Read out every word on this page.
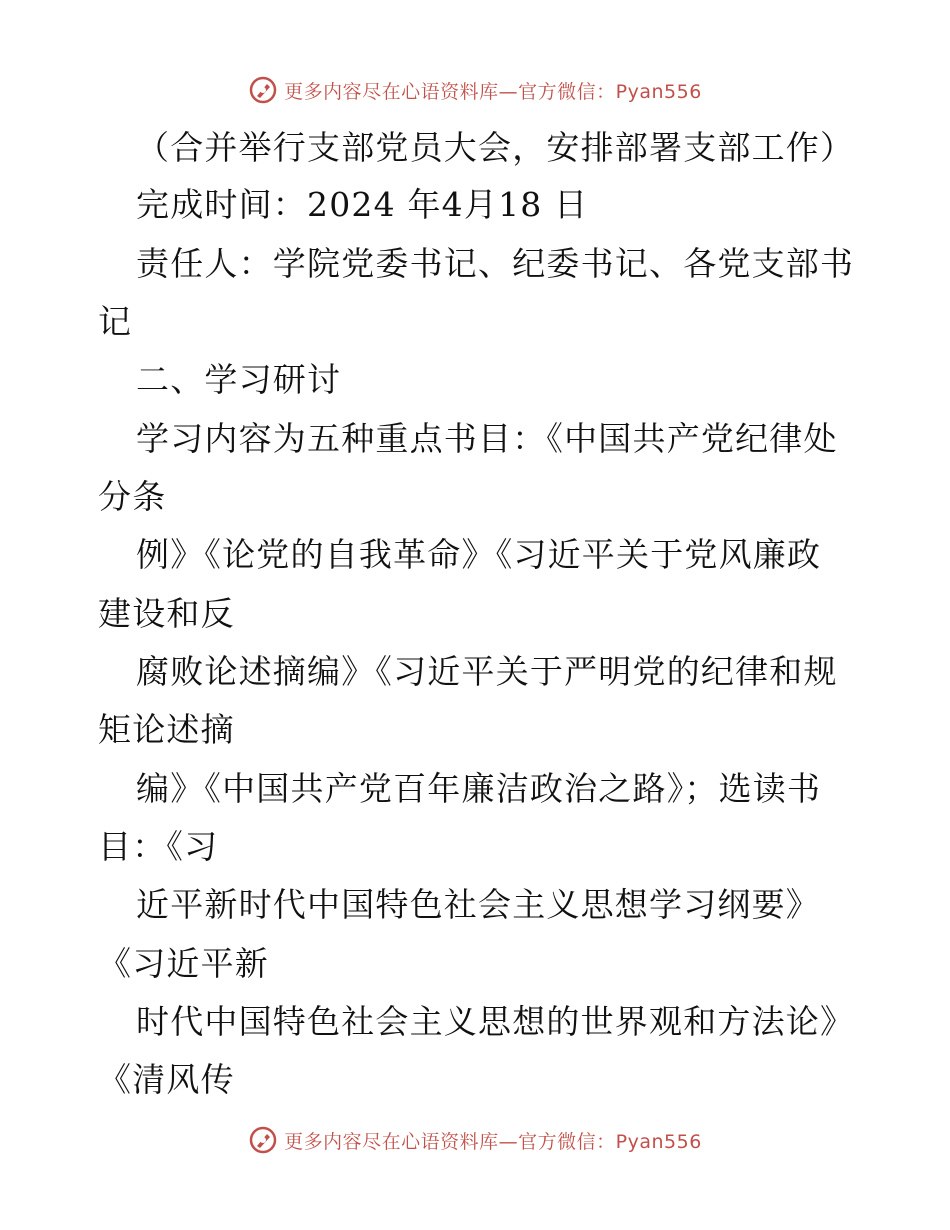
更多内容尽在心语资料库—官方微信：Pyan556
（合并举行支部党员大会，安排部署支部工作）
完成时间：2024 年4月18 日
责任人：学院党委书记、纪委书记、各党支部书
记
二、学习研讨
学习内容为五种重点书目：《中国共产党纪律处
分条
例》《论党的自我革命》《习近平关于党风廉政
建设和反
腐败论述摘编》《习近平关于严明党的纪律和规
矩论述摘
编》《中国共产党百年廉洁政治之路》；选读书
目：《习
近平新时代中国特色社会主义思想学习纲要》
《习近平新
时代中国特色社会主义思想的世界观和方法论》
《清风传
更多内容尽在心语资料库—官方微信：Pyan556
